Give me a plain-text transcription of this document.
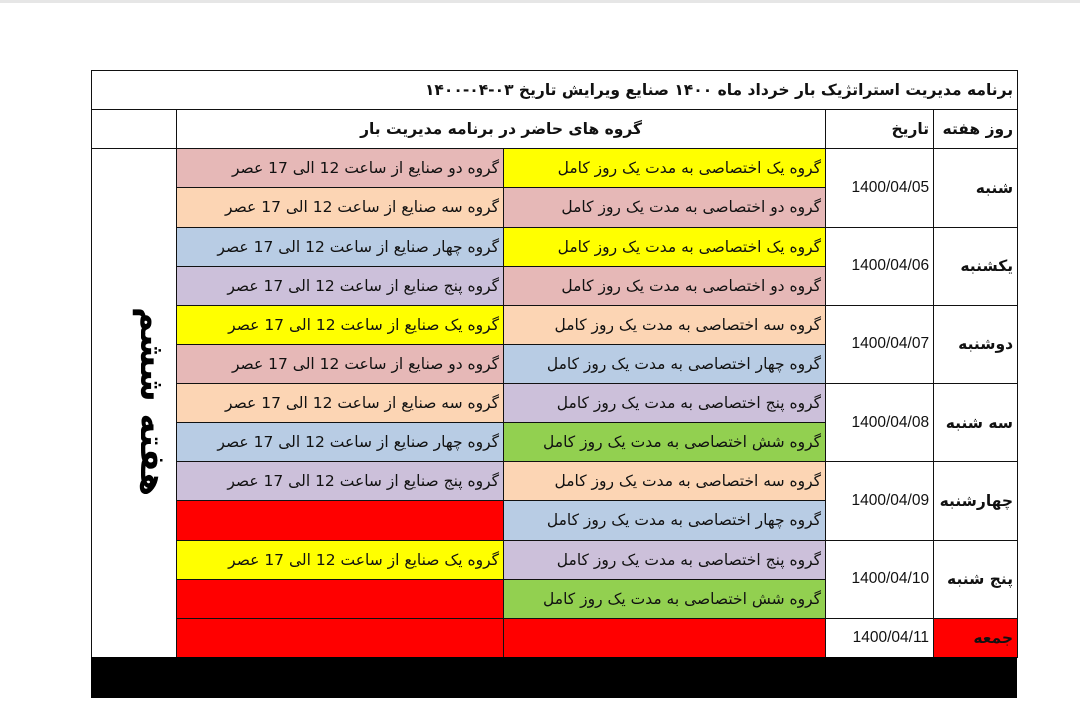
برنامه مدیریت استراتژیک بار خرداد ماه ۱۴۰۰ صنایع ویرایش تاریخ ۰۳-۰۴-۱۴۰۰				
روز هفته	تاریخ	گروه های حاضر در برنامه مدیریت بار		
شنبه	1400/04/05	گروه یک اختصاصی به مدت یک روز کامل	گروه دو صنایع از ساعت 12 الی 17 عصر	هفته ششم
		گروه دو اختصاصی به مدت یک روز کامل	گروه سه صنایع از ساعت 12 الی 17 عصر	
یکشنبه	1400/04/06	گروه یک اختصاصی به مدت یک روز کامل	گروه چهار صنایع از ساعت 12 الی 17 عصر	
		گروه دو اختصاصی به مدت یک روز کامل	گروه پنج صنایع از ساعت 12 الی 17 عصر	
دوشنبه	1400/04/07	گروه سه اختصاصی به مدت یک روز کامل	گروه یک صنایع از ساعت 12 الی 17 عصر	
		گروه چهار اختصاصی به مدت یک روز کامل	گروه دو صنایع از ساعت 12 الی 17 عصر	
سه شنبه	1400/04/08	گروه پنج اختصاصی به مدت یک روز کامل	گروه سه صنایع از ساعت 12 الی 17 عصر	
		گروه شش اختصاصی به مدت یک روز کامل	گروه چهار صنایع از ساعت 12 الی 17 عصر	
چهارشنبه	1400/04/09	گروه سه اختصاصی به مدت یک روز کامل	گروه پنج صنایع از ساعت 12 الی 17 عصر	
		گروه چهار اختصاصی به مدت یک روز کامل		
پنج شنبه	1400/04/10	گروه پنج اختصاصی به مدت یک روز کامل	گروه یک صنایع از ساعت 12 الی 17 عصر	
		گروه شش اختصاصی به مدت یک روز کامل		
جمعه	1400/04/11			
